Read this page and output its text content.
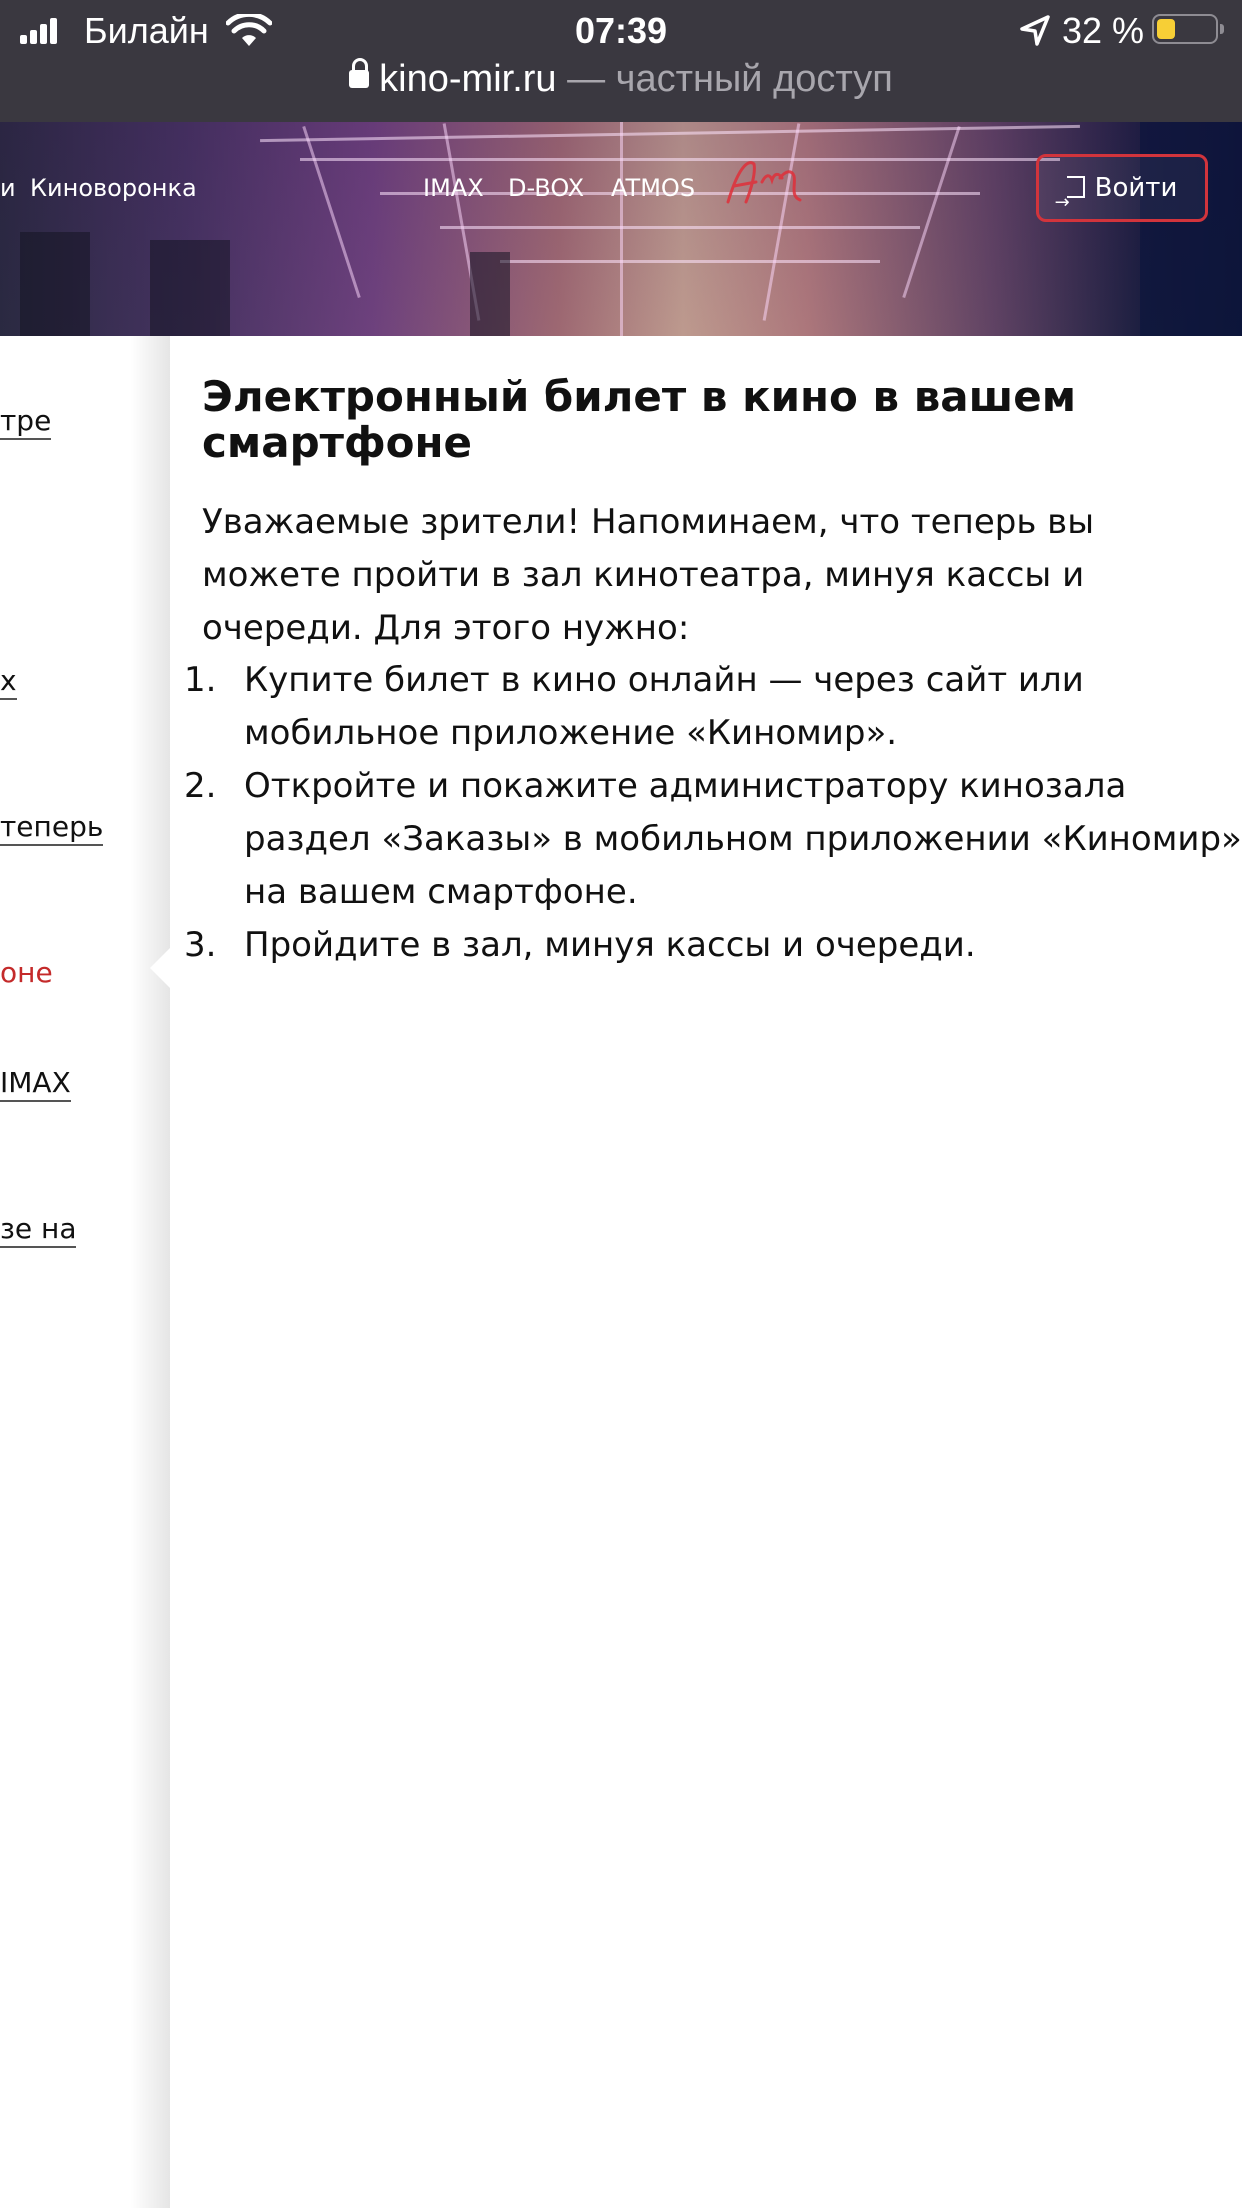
Билайн	07:39	32 %
kino-mir.ru — частный доступ
и Киноворонка	IMAX D-BOX ATMOS
→	Войти
тре
х
теперь
оне
IMAX
зе на
Электронный билет в кино в вашем смартфоне

Уважаемые зрители! Напоминаем, что теперь вы можете пройти в зал кинотеатра, минуя кассы и очереди. Для этого нужно:

1. Купите билет в кино онлайн — через сайт или мобильное приложение «Киномир».
2. Откройте и покажите администратору кинозала раздел «Заказы» в мобильном приложении «Киномир» на вашем смартфоне.
3. Пройдите в зал, минуя кассы и очереди.
